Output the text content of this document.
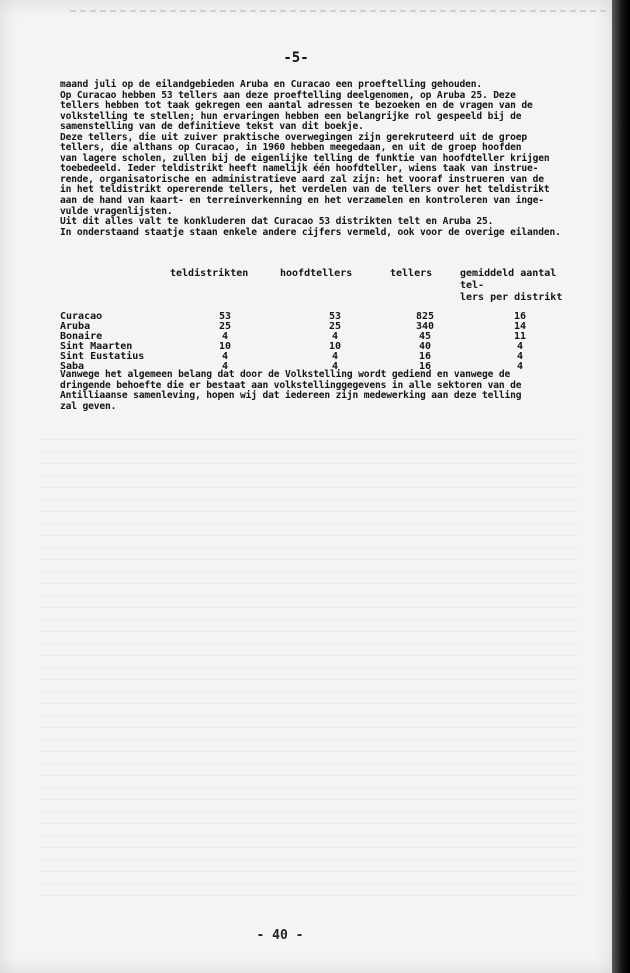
-5-
maand juli op de eilandgebieden Aruba en Curacao een proeftelling gehouden.
Op Curacao hebben 53 tellers aan deze proeftelling deelgenomen, op Aruba 25. Deze
tellers hebben tot taak gekregen een aantal adressen te bezoeken en de vragen van de
volkstelling te stellen; hun ervaringen hebben een belangrijke rol gespeeld bij de
samenstelling van de definitieve tekst van dit boekje.
Deze tellers, die uit zuiver praktische overwegingen zijn gerekruteerd uit de groep
tellers, die althans op Curacao, in 1960 hebben meegedaan, en uit de groep hoofden
van lagere scholen, zullen bij de eigenlijke telling de funktie van hoofdteller krijgen
toebedeeld. Ieder teldistrikt heeft namelijk één hoofdteller, wiens taak van instrue-
rende, organisatorische en administratieve aard zal zijn: het vooraf instrueren van de
in het teldistrikt opererende tellers, het verdelen van de tellers over het teldistrikt
aan de hand van kaart- en terreinverkenning en het verzamelen en kontroleren van inge-
vulde vragenlijsten.
Uit dit alles valt te konkluderen dat Curacao 53 distrikten telt en Aruba 25.
In onderstaand staatje staan enkele andere cijfers vermeld, ook voor de overige eilanden.
	teldistrikten	hoofdtellers	tellers	gemiddeld aantal tel-
lers per distrikt

Curacao	53	53	825	16
Aruba	25	25	340	14
Bonaire	4	4	45	11
Sint Maarten	10	10	40	4
Sint Eustatius	4	4	16	4
Saba	4	4	16	4
Vanwege het algemeen belang dat door de Volkstelling wordt gediend en vanwege de
dringende behoefte die er bestaat aan volkstellinggegevens in alle sektoren van de
Antilliaanse samenleving, hopen wij dat iedereen zijn medewerking aan deze telling
zal geven.
- 40 -
